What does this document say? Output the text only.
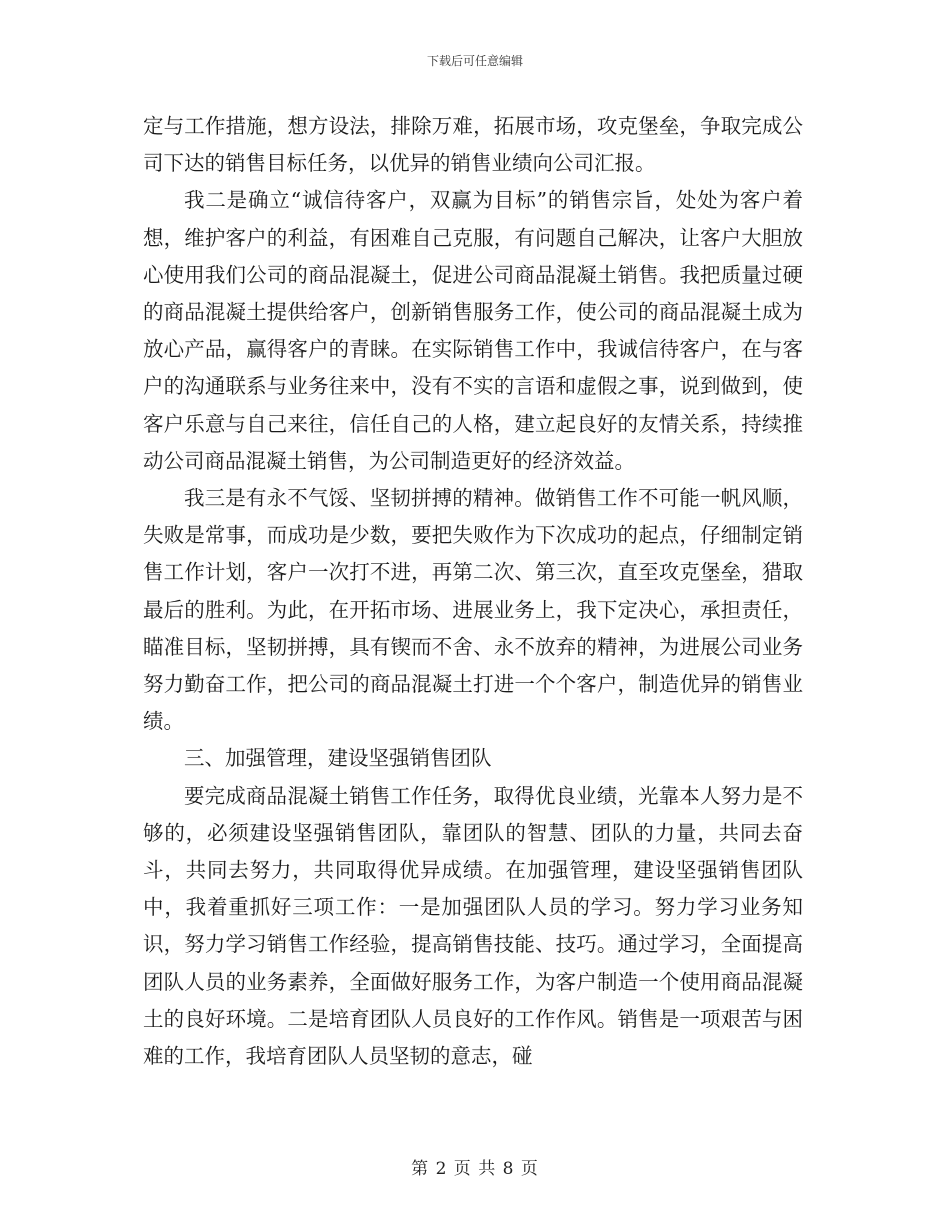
下载后可任意编辑

定与工作措施，想方设法，排除万难，拓展市场，攻克堡垒，争取完成公司下达的销售目标任务，以优异的销售业绩向公司汇报。

我二是确立“诚信待客户，双赢为目标”的销售宗旨，处处为客户着想，维护客户的利益，有困难自己克服，有问题自己解决，让客户大胆放心使用我们公司的商品混凝土，促进公司商品混凝土销售。我把质量过硬的商品混凝土提供给客户，创新销售服务工作，使公司的商品混凝土成为放心产品，赢得客户的青睐。在实际销售工作中，我诚信待客户，在与客户的沟通联系与业务往来中，没有不实的言语和虚假之事，说到做到，使客户乐意与自己来往，信任自己的人格，建立起良好的友情关系，持续推动公司商品混凝土销售，为公司制造更好的经济效益。

我三是有永不气馁、坚韧拼搏的精神。做销售工作不可能一帆风顺，失败是常事，而成功是少数，要把失败作为下次成功的起点，仔细制定销售工作计划，客户一次打不进，再第二次、第三次，直至攻克堡垒，猎取最后的胜利。为此，在开拓市场、进展业务上，我下定决心，承担责任，瞄准目标，坚韧拼搏，具有锲而不舍、永不放弃的精神，为进展公司业务努力勤奋工作，把公司的商品混凝土打进一个个客户，制造优异的销售业绩。

三、加强管理，建设坚强销售团队

要完成商品混凝土销售工作任务，取得优良业绩，光靠本人努力是不够的，必须建设坚强销售团队，靠团队的智慧、团队的力量，共同去奋斗，共同去努力，共同取得优异成绩。在加强管理，建设坚强销售团队中，我着重抓好三项工作：一是加强团队人员的学习。努力学习业务知识，努力学习销售工作经验，提高销售技能、技巧。通过学习，全面提高团队人员的业务素养，全面做好服务工作，为客户制造一个使用商品混凝土的良好环境。二是培育团队人员良好的工作作风。销售是一项艰苦与困难的工作，我培育团队人员坚韧的意志，碰

第 2 页 共 8 页
